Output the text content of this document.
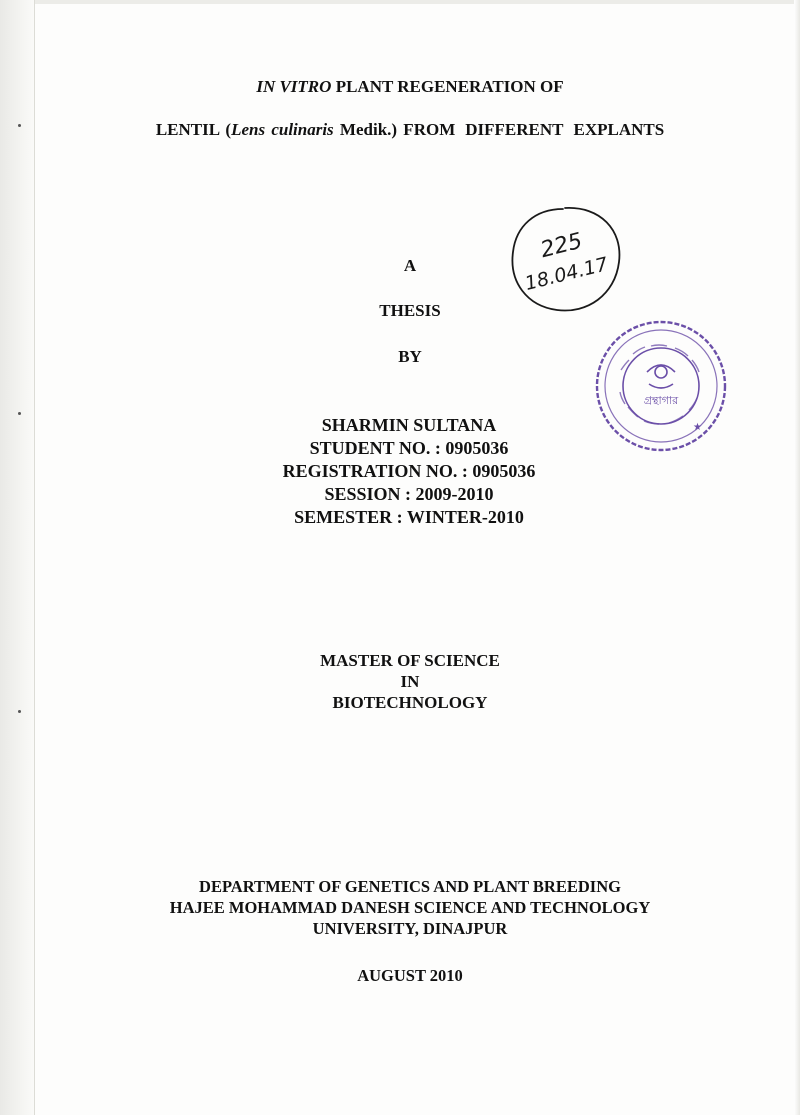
IN VITRO PLANT REGENERATION OF
LENTIL (Lens culinaris Medik.) FROM DIFFERENT EXPLANTS
A
THESIS
BY
SHARMIN SULTANA
STUDENT NO. : 0905036
REGISTRATION NO. : 0905036
SESSION : 2009-2010
SEMESTER : WINTER-2010
MASTER OF SCIENCE
IN
BIOTECHNOLOGY
DEPARTMENT OF GENETICS AND PLANT BREEDING
HAJEE MOHAMMAD DANESH SCIENCE AND TECHNOLOGY
UNIVERSITY, DINAJPUR
AUGUST 2010
225
18.04.17
গ্রন্থাগার
★
